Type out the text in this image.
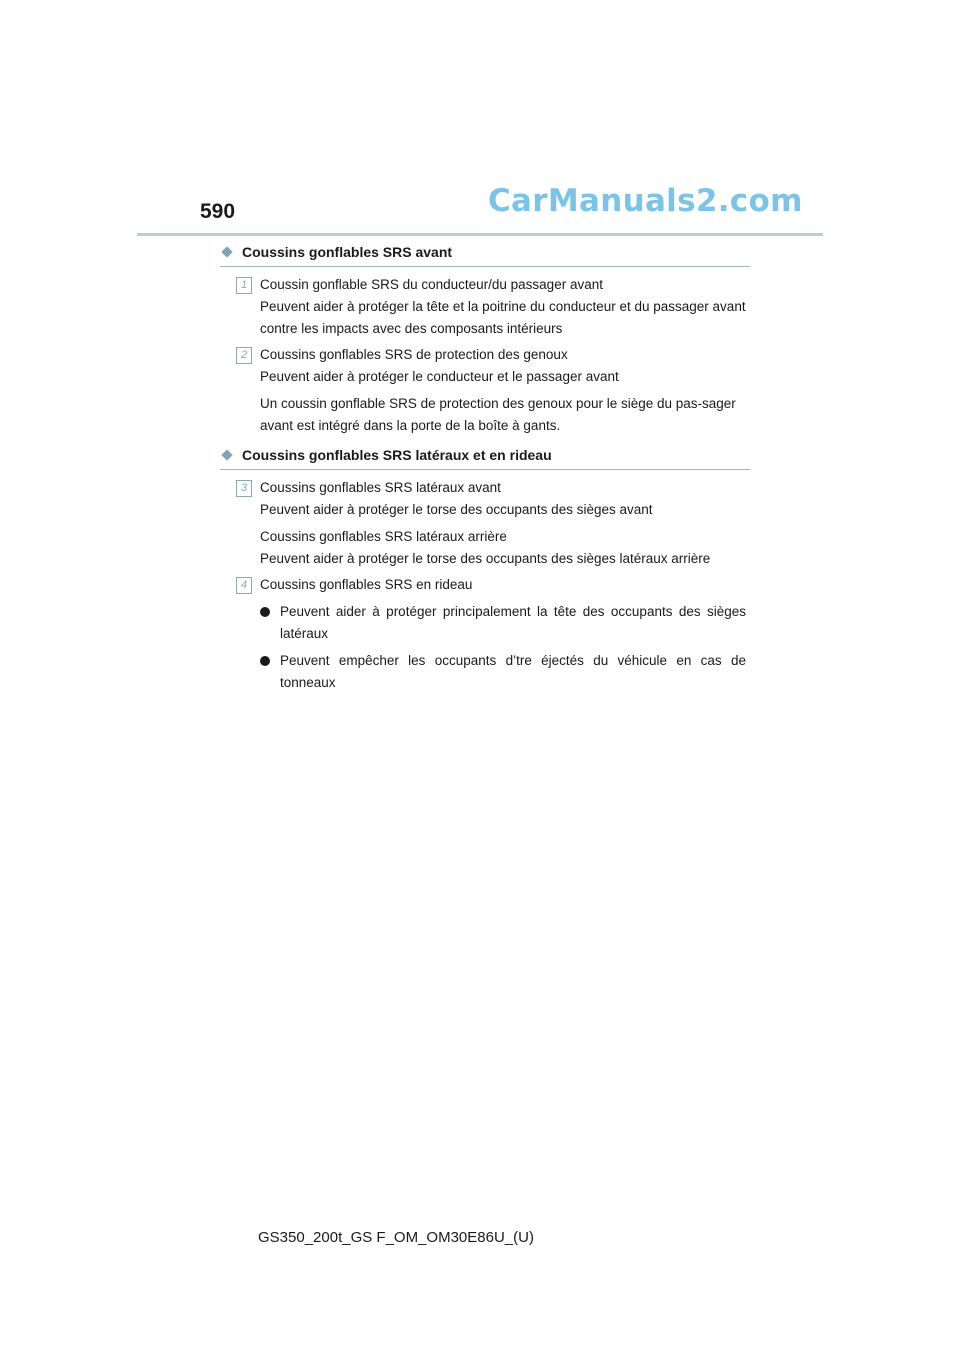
590	CarManuals2.com
Coussins gonflables SRS avant
1 Coussin gonflable SRS du conducteur/du passager avant

Peuvent aider à protéger la tête et la poitrine du conducteur et du passager avant contre les impacts avec des composants intérieurs

2 Coussins gonflables SRS de protection des genoux

Peuvent aider à protéger le conducteur et le passager avant

Un coussin gonflable SRS de protection des genoux pour le siège du pas-sager avant est intégré dans la porte de la boîte à gants.

Coussins gonflables SRS latéraux et en rideau
3 Coussins gonflables SRS latéraux avant

Peuvent aider à protéger le torse des occupants des sièges avant

Coussins gonflables SRS latéraux arrière

Peuvent aider à protéger le torse des occupants des sièges latéraux arrière

4 Coussins gonflables SRS en rideau

Peuvent aider à protéger principalement la tête des occupants des sièges latéraux
Peuvent empêcher les occupants d’tre éjectés du véhicule en cas de tonneaux
GS350_200t_GS F_OM_OM30E86U_(U)
